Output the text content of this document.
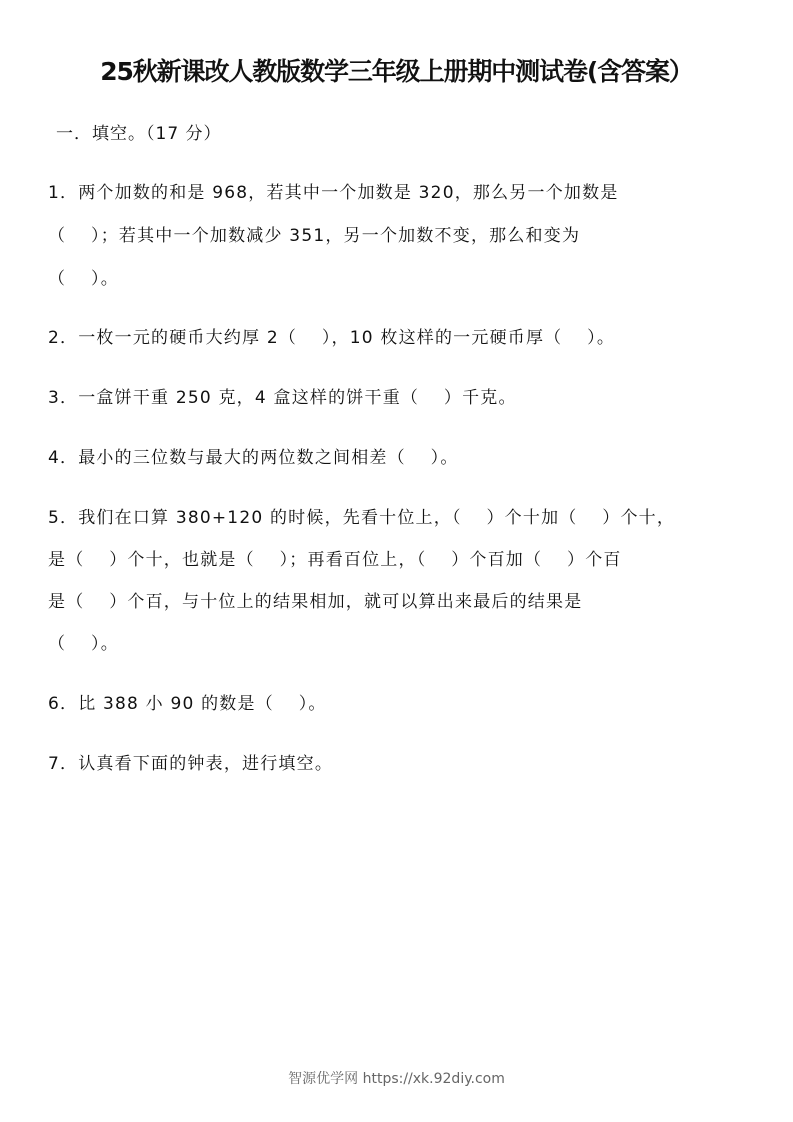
25秋新课改人教版数学三年级上册期中测试卷(含答案）
一．填空。（17 分）
1．两个加数的和是 968，若其中一个加数是 320，那么另一个加数是
（　 ）；若其中一个加数减少 351，另一个加数不变，那么和变为
（　 ）。
2．一枚一元的硬币大约厚 2（　 ），10 枚这样的一元硬币厚（　 ）。
3．一盒饼干重 250 克，4 盒这样的饼干重（　 ）千克。
4．最小的三位数与最大的两位数之间相差（　 ）。
5．我们在口算 380+120 的时候，先看十位上，（　 ）个十加（　 ）个十，
是（　 ）个十，也就是（　 ）；再看百位上，（　 ）个百加（　 ）个百
是（　 ）个百，与十位上的结果相加，就可以算出来最后的结果是
（　 ）。
6．比 388 小 90 的数是（　 ）。
7．认真看下面的钟表，进行填空。
智源优学网 https://xk.92diy.com
